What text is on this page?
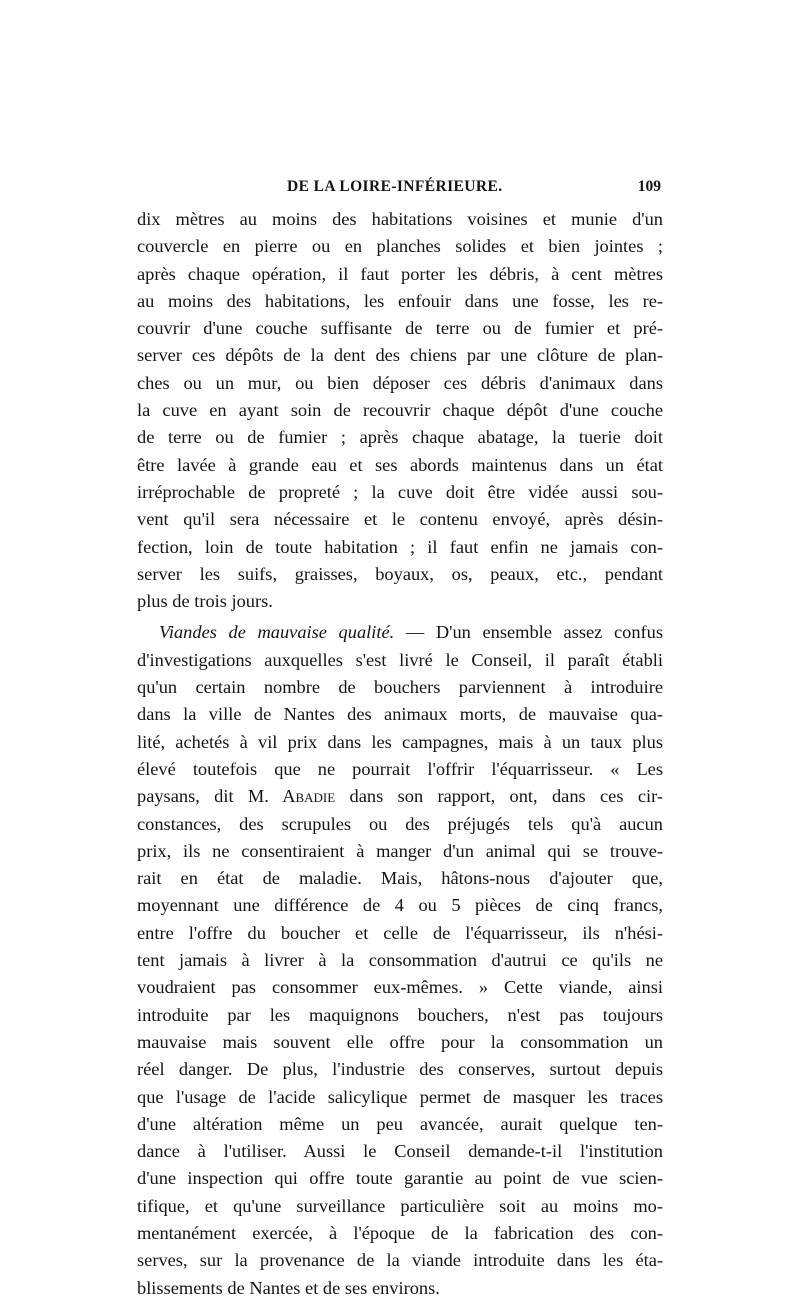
DE LA LOIRE-INFÉRIEURE.	109
dix mètres au moins des habitations voisines et munie d'un
couvercle en pierre ou en planches solides et bien jointes ;
après chaque opération, il faut porter les débris, à cent mètres
au moins des habitations, les enfouir dans une fosse, les re-
couvrir d'une couche suffisante de terre ou de fumier et pré-
server ces dépôts de la dent des chiens par une clôture de plan-
ches ou un mur, ou bien déposer ces débris d'animaux dans
la cuve en ayant soin de recouvrir chaque dépôt d'une couche
de terre ou de fumier ; après chaque abatage, la tuerie doit
être lavée à grande eau et ses abords maintenus dans un état
irréprochable de propreté ; la cuve doit être vidée aussi sou-
vent qu'il sera nécessaire et le contenu envoyé, après désin-
fection, loin de toute habitation ; il faut enfin ne jamais con-
server les suifs, graisses, boyaux, os, peaux, etc., pendant
plus de trois jours.
Viandes de mauvaise qualité. — D'un ensemble assez confus
d'investigations auxquelles s'est livré le Conseil, il paraît établi
qu'un certain nombre de bouchers parviennent à introduire
dans la ville de Nantes des animaux morts, de mauvaise qua-
lité, achetés à vil prix dans les campagnes, mais à un taux plus
élevé toutefois que ne pourrait l'offrir l'équarrisseur. « Les
paysans, dit M. Abadie dans son rapport, ont, dans ces cir-
constances, des scrupules ou des préjugés tels qu'à aucun
prix, ils ne consentiraient à manger d'un animal qui se trouve-
rait en état de maladie. Mais, hâtons-nous d'ajouter que,
moyennant une différence de 4 ou 5 pièces de cinq francs,
entre l'offre du boucher et celle de l'équarrisseur, ils n'hési-
tent jamais à livrer à la consommation d'autrui ce qu'ils ne
voudraient pas consommer eux-mêmes. » Cette viande, ainsi
introduite par les maquignons bouchers, n'est pas toujours
mauvaise mais souvent elle offre pour la consommation un
réel danger. De plus, l'industrie des conserves, surtout depuis
que l'usage de l'acide salicylique permet de masquer les traces
d'une altération même un peu avancée, aurait quelque ten-
dance à l'utiliser. Aussi le Conseil demande-t-il l'institution
d'une inspection qui offre toute garantie au point de vue scien-
tifique, et qu'une surveillance particulière soit au moins mo-
mentanément exercée, à l'époque de la fabrication des con-
serves, sur la provenance de la viande introduite dans les éta-
blissements de Nantes et de ses environs.
